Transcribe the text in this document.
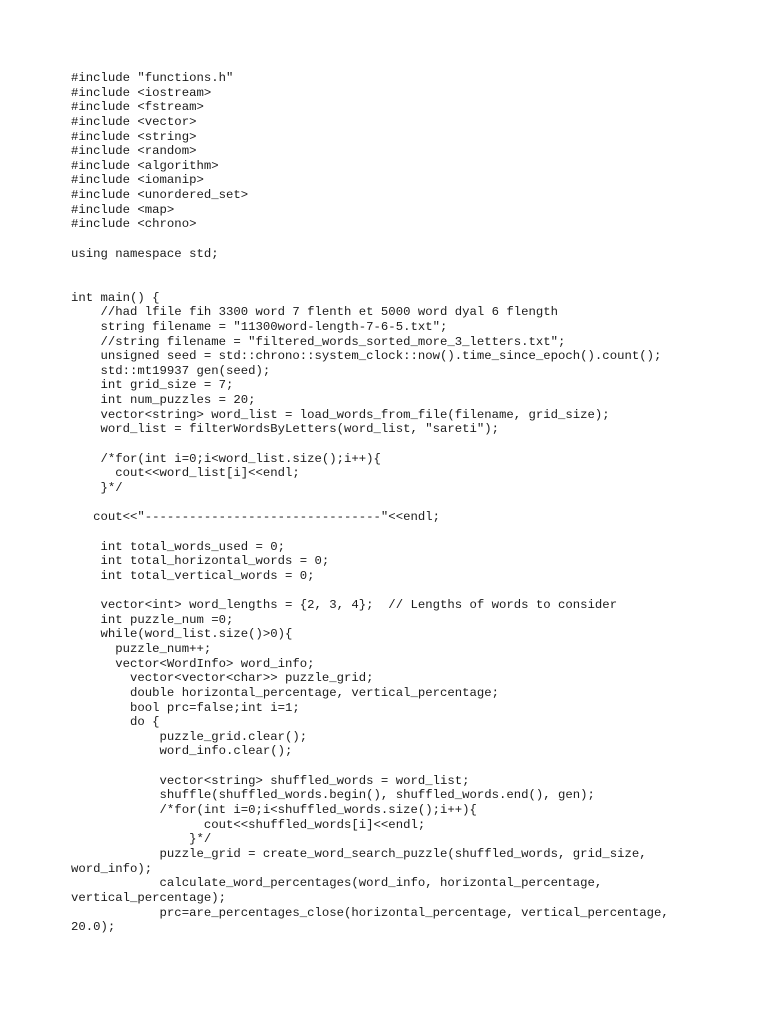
#include "functions.h"
#include <iostream>
#include <fstream>
#include <vector>
#include <string>
#include <random>
#include <algorithm>
#include <iomanip>
#include <unordered_set>
#include <map>
#include <chrono>
using namespace std;
int main() {
//had lfile fih 3300 word 7 flenth et 5000 word dyal 6 flength
string filename = "11300word-length-7-6-5.txt";
//string filename = "filtered_words_sorted_more_3_letters.txt";
unsigned seed = std::chrono::system_clock::now().time_since_epoch().count();
std::mt19937 gen(seed);
int grid_size = 7;
int num_puzzles = 20;
vector<string> word_list = load_words_from_file(filename, grid_size);
word_list = filterWordsByLetters(word_list, "sareti");
/*for(int i=0;i<word_list.size();i++){
cout<<word_list[i]<<endl;
}*/
cout<<"--------------------------------"<<endl;
int total_words_used = 0;
int total_horizontal_words = 0;
int total_vertical_words = 0;
vector<int> word_lengths = {2, 3, 4};  // Lengths of words to consider
int puzzle_num =0;
while(word_list.size()>0){
puzzle_num++;
vector<WordInfo> word_info;
vector<vector<char>> puzzle_grid;
double horizontal_percentage, vertical_percentage;
bool prc=false;int i=1;
do {
puzzle_grid.clear();
word_info.clear();
vector<string> shuffled_words = word_list;
shuffle(shuffled_words.begin(), shuffled_words.end(), gen);
/*for(int i=0;i<shuffled_words.size();i++){
cout<<shuffled_words[i]<<endl;
}*/
puzzle_grid = create_word_search_puzzle(shuffled_words, grid_size,
word_info);
calculate_word_percentages(word_info, horizontal_percentage,
vertical_percentage);
prc=are_percentages_close(horizontal_percentage, vertical_percentage,
20.0);
